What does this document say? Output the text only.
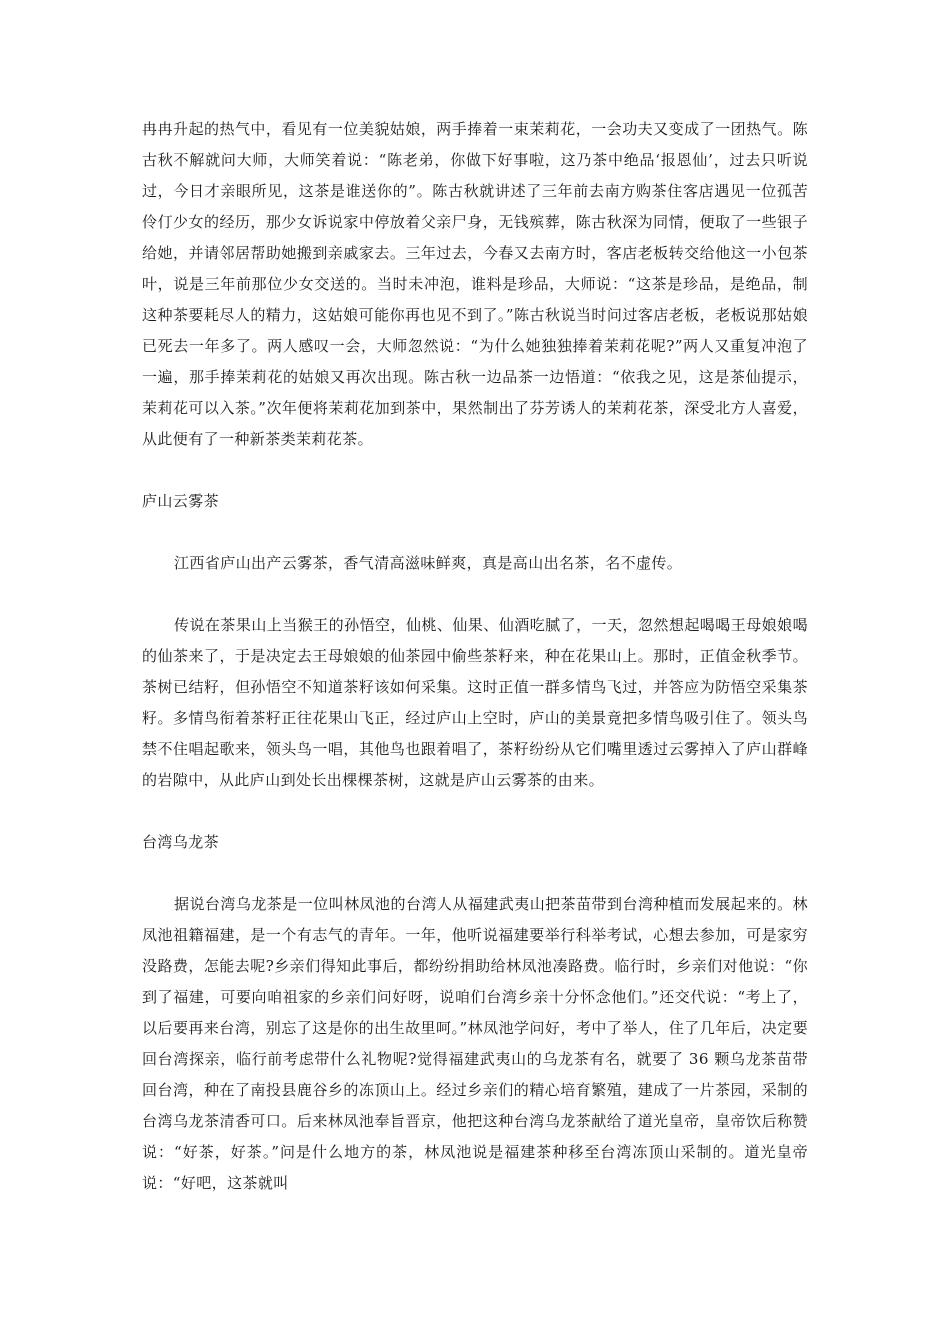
冉冉升起的热气中，看见有一位美貌姑娘，两手捧着一束茉莉花，一会功夫又变成了一团热气。陈古秋不解就问大师，大师笑着说：“陈老弟，你做下好事啦，这乃茶中绝品‘报恩仙’，过去只听说过，今日才亲眼所见，这茶是谁送你的”。陈古秋就讲述了三年前去南方购茶住客店遇见一位孤苦伶仃少女的经历，那少女诉说家中停放着父亲尸身，无钱殡葬，陈古秋深为同情，便取了一些银子给她，并请邻居帮助她搬到亲戚家去。三年过去，今春又去南方时，客店老板转交给他这一小包茶叶，说是三年前那位少女交送的。当时未冲泡，谁料是珍品，大师说：“这茶是珍品，是绝品，制这种茶要耗尽人的精力，这姑娘可能你再也见不到了。”陈古秋说当时问过客店老板，老板说那姑娘已死去一年多了。两人感叹一会，大师忽然说：“为什么她独独捧着茉莉花呢?”两人又重复冲泡了一遍，那手捧茉莉花的姑娘又再次出现。陈古秋一边品茶一边悟道：“依我之见，这是茶仙提示，茉莉花可以入茶。”次年便将茉莉花加到茶中，果然制出了芬芳诱人的茉莉花茶，深受北方人喜爱，从此便有了一种新茶类茉莉花茶。

庐山云雾茶

江西省庐山出产云雾茶，香气清高滋味鲜爽，真是高山出名茶，名不虚传。

传说在茶果山上当猴王的孙悟空，仙桃、仙果、仙酒吃腻了，一天，忽然想起喝喝王母娘娘喝的仙茶来了，于是决定去王母娘娘的仙茶园中偷些茶籽来，种在花果山上。那时，正值金秋季节。茶树已结籽，但孙悟空不知道茶籽该如何采集。这时正值一群多情鸟飞过，并答应为防悟空采集茶籽。多情鸟衔着茶籽正往花果山飞正，经过庐山上空时，庐山的美景竟把多情鸟吸引住了。领头鸟禁不住唱起歌来，领头鸟一唱，其他鸟也跟着唱了，茶籽纷纷从它们嘴里透过云雾掉入了庐山群峰的岩隙中，从此庐山到处长出棵棵茶树，这就是庐山云雾茶的由来。

台湾乌龙茶

据说台湾乌龙茶是一位叫林凤池的台湾人从福建武夷山把茶苗带到台湾种植而发展起来的。林凤池祖籍福建，是一个有志气的青年。一年，他听说福建要举行科举考试，心想去参加，可是家穷没路费，怎能去呢?乡亲们得知此事后，都纷纷捐助给林凤池凑路费。临行时，乡亲们对他说：“你到了福建，可要向咱祖家的乡亲们问好呀，说咱们台湾乡亲十分怀念他们。”还交代说：“考上了，以后要再来台湾，别忘了这是你的出生故里呵。”林凤池学问好，考中了举人，住了几年后，决定要回台湾探亲，临行前考虑带什么礼物呢?觉得福建武夷山的乌龙茶有名，就要了 36 颗乌龙茶苗带回台湾，种在了南投县鹿谷乡的冻顶山上。经过乡亲们的精心培育繁殖，建成了一片茶园，采制的台湾乌龙茶清香可口。后来林凤池奉旨晋京，他把这种台湾乌龙茶献给了道光皇帝，皇帝饮后称赞说：“好茶，好茶。”问是什么地方的茶，林凤池说是福建茶种移至台湾冻顶山采制的。道光皇帝说：“好吧，这茶就叫
